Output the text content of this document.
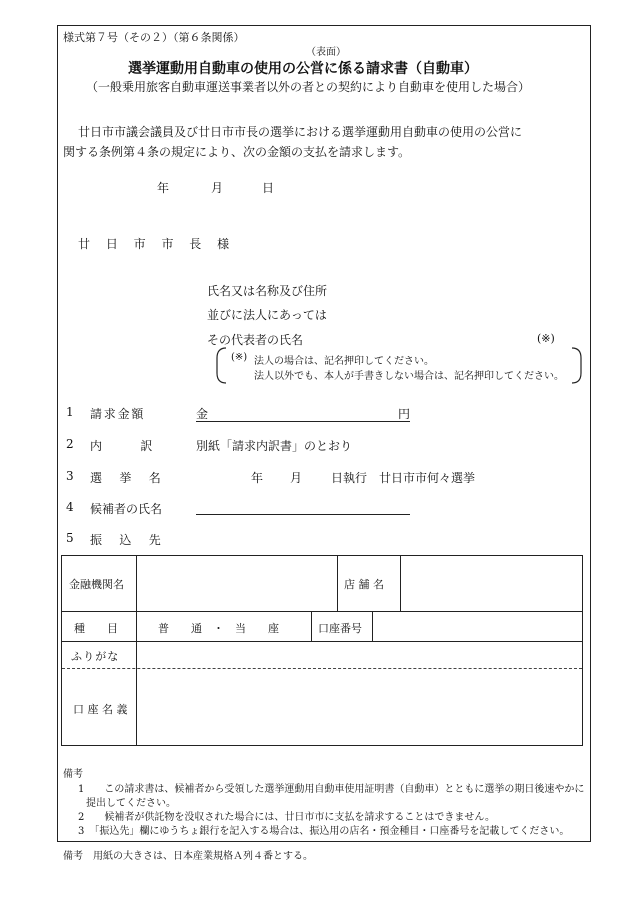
様式第７号（その２）（第６条関係）
（表面）
選挙運動用自動車の使用の公営に係る請求書（自動車）
（一般乗用旅客自動車運送事業者以外の者との契約により自動車を使用した場合）
廿日市市議会議員及び廿日市市長の選挙における選挙運動用自動車の使用の公営に
関する条例第４条の規定により、次の金額の支払を請求します。
年	月	日
廿 日 市 市 長 様
氏名又は名称及び住所
並びに法人にあっては
その代表者の氏名	(※)
(※) 法人の場合は、記名押印してください。
法人以外でも、本人が手書きしない場合は、記名押印してください。
1 請求金額	金	円
2 内訳 別紙「請求内訳書」のとおり
3 選挙名	年 月 日執行　廿日市市何々選挙
4 候補者の氏名
5 振込先
金融機関名	店 舗 名
種　　目	普　　通　・　当　　座	口座番号
ふりがな
口 座 名 義
備考
1　　この請求書は、候補者から受領した選挙運動用自動車使用証明書（自動車）とともに選挙の期日後速やかに
提出してください。
2　　候補者が供託物を没収された場合には、廿日市市に支払を請求することはできません。
3　「振込先」欄にゆうちょ銀行を記入する場合は、振込用の店名・預金種目・口座番号を記載してください。
備考　用紙の大きさは、日本産業規格Ａ列４番とする。
